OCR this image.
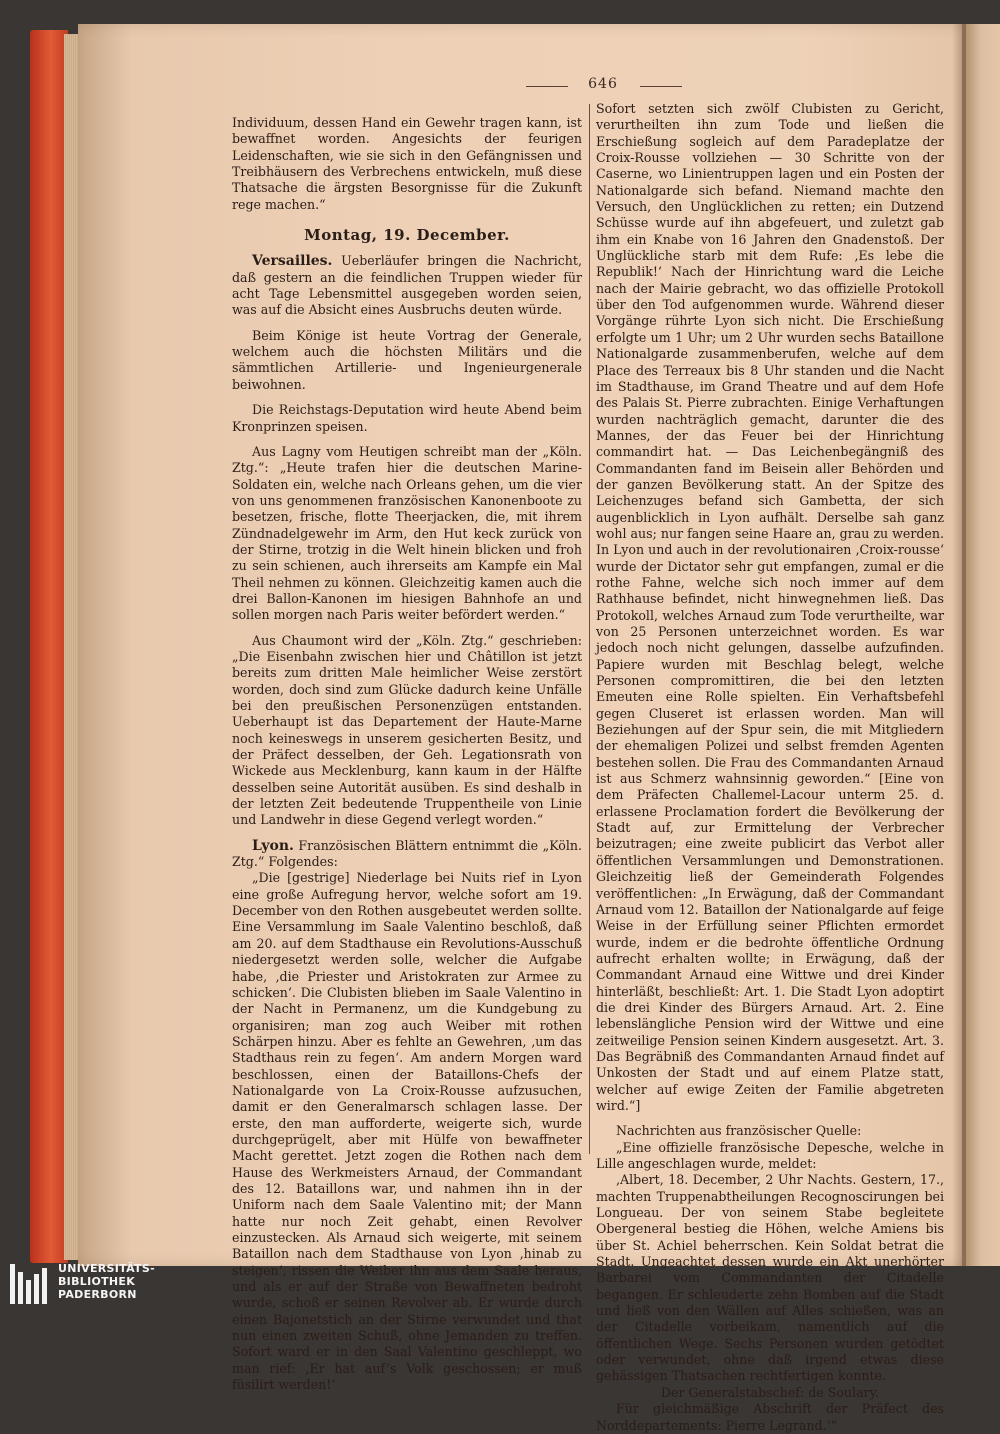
646

Individuum, dessen Hand ein Gewehr tragen kann, ist bewaffnet worden. Angesichts der feurigen Leidenschaften, wie sie sich in den Gefängnissen und Treibhäusern des Verbrechens entwickeln, muß diese Thatsache die ärgsten Besorgnisse für die Zukunft rege machen.“

Montag, 19. December.

Versailles. Ueberläufer bringen die Nachricht, daß gestern an die feindlichen Truppen wieder für acht Tage Lebensmittel ausgegeben worden seien, was auf die Absicht eines Ausbruchs deuten würde.

Beim Könige ist heute Vortrag der Generale, welchem auch die höchsten Militärs und die sämmtlichen Artillerie- und Ingenieurgenerale beiwohnen.

Die Reichstags-Deputation wird heute Abend beim Kronprinzen speisen.

Aus Lagny vom Heutigen schreibt man der „Köln. Ztg.“: „Heute trafen hier die deutschen Marine-Soldaten ein, welche nach Orleans gehen, um die vier von uns genommenen französischen Kanonenboote zu besetzen, frische, flotte Theerjacken, die, mit ihrem Zündnadelgewehr im Arm, den Hut keck zurück von der Stirne, trotzig in die Welt hinein blicken und froh zu sein schienen, auch ihrerseits am Kampfe ein Mal Theil nehmen zu können. Gleichzeitig kamen auch die drei Ballon-Kanonen im hiesigen Bahnhofe an und sollen morgen nach Paris weiter befördert werden.“

Aus Chaumont wird der „Köln. Ztg.“ geschrieben: „Die Eisenbahn zwischen hier und Châtillon ist jetzt bereits zum dritten Male heimlicher Weise zerstört worden, doch sind zum Glücke dadurch keine Unfälle bei den preußischen Personenzügen entstanden. Ueberhaupt ist das Departement der Haute-Marne noch keineswegs in unserem gesicherten Besitz, und der Präfect desselben, der Geh. Legationsrath von Wickede aus Mecklenburg, kann kaum in der Hälfte desselben seine Autorität ausüben. Es sind deshalb in der letzten Zeit bedeutende Truppentheile von Linie und Landwehr in diese Gegend verlegt worden.“

Lyon. Französischen Blättern entnimmt die „Köln. Ztg.“ Folgendes:

„Die [gestrige] Niederlage bei Nuits rief in Lyon eine große Aufregung hervor, welche sofort am 19. December von den Rothen ausgebeutet werden sollte. Eine Versammlung im Saale Valentino beschloß, daß am 20. auf dem Stadthause ein Revolutions-Ausschuß niedergesetzt werden solle, welcher die Aufgabe habe, ‚die Priester und Aristokraten zur Armee zu schicken‘. Die Clubisten blieben im Saale Valentino in der Nacht in Permanenz, um die Kundgebung zu organisiren; man zog auch Weiber mit rothen Schärpen hinzu. Aber es fehlte an Gewehren, ‚um das Stadthaus rein zu fegen‘. Am andern Morgen ward beschlossen, einen der Bataillons-Chefs der Nationalgarde von La Croix-Rousse aufzusuchen, damit er den Generalmarsch schlagen lasse. Der erste, den man aufforderte, weigerte sich, wurde durchgeprügelt, aber mit Hülfe von bewaffneter Macht gerettet. Jetzt zogen die Rothen nach dem Hause des Werkmeisters Arnaud, der Commandant des 12. Bataillons war, und nahmen ihn in der Uniform nach dem Saale Valentino mit; der Mann hatte nur noch Zeit gehabt, einen Revolver einzustecken. Als Arnaud sich weigerte, mit seinem Bataillon nach dem Stadthause von Lyon ‚hinab zu steigen‘, rissen die Weiber ihn aus dem Saale heraus, und als er auf der Straße von Bewaffneten bedroht wurde, schoß er seinen Revolver ab. Er wurde durch einen Bajonetstich an der Stirne verwundet und that nun einen zweiten Schuß, ohne Jemanden zu treffen. Sofort ward er in den Saal Valentino geschleppt, wo man rief: ‚Er hat auf’s Volk geschossen; er muß füsilirt werden!‘

Sofort setzten sich zwölf Clubisten zu Gericht, verurtheilten ihn zum Tode und ließen die Erschießung sogleich auf dem Paradeplatze der Croix-Rousse vollziehen — 30 Schritte von der Caserne, wo Linientruppen lagen und ein Posten der Nationalgarde sich befand. Niemand machte den Versuch, den Unglücklichen zu retten; ein Dutzend Schüsse wurde auf ihn abgefeuert, und zuletzt gab ihm ein Knabe von 16 Jahren den Gnadenstoß. Der Unglückliche starb mit dem Rufe: ‚Es lebe die Republik!‘ Nach der Hinrichtung ward die Leiche nach der Mairie gebracht, wo das offizielle Protokoll über den Tod aufgenommen wurde. Während dieser Vorgänge rührte Lyon sich nicht. Die Erschießung erfolgte um 1 Uhr; um 2 Uhr wurden sechs Bataillone Nationalgarde zusammenberufen, welche auf dem Place des Terreaux bis 8 Uhr standen und die Nacht im Stadthause, im Grand Theatre und auf dem Hofe des Palais St. Pierre zubrachten. Einige Verhaftungen wurden nachträglich gemacht, darunter die des Mannes, der das Feuer bei der Hinrichtung commandirt hat. — Das Leichenbegängniß des Commandanten fand im Beisein aller Behörden und der ganzen Bevölkerung statt. An der Spitze des Leichenzuges befand sich Gambetta, der sich augenblicklich in Lyon aufhält. Derselbe sah ganz wohl aus; nur fangen seine Haare an, grau zu werden. In Lyon und auch in der revolutionairen ‚Croix-rousse‘ wurde der Dictator sehr gut empfangen, zumal er die rothe Fahne, welche sich noch immer auf dem Rathhause befindet, nicht hinwegnehmen ließ. Das Protokoll, welches Arnaud zum Tode verurtheilte, war von 25 Personen unterzeichnet worden. Es war jedoch noch nicht gelungen, dasselbe aufzufinden. Papiere wurden mit Beschlag belegt, welche Personen compromittiren, die bei den letzten Emeuten eine Rolle spielten. Ein Verhaftsbefehl gegen Cluseret ist erlassen worden. Man will Beziehungen auf der Spur sein, die mit Mitgliedern der ehemaligen Polizei und selbst fremden Agenten bestehen sollen. Die Frau des Commandanten Arnaud ist aus Schmerz wahnsinnig geworden.“ [Eine von dem Präfecten Challemel-Lacour unterm 25. d. erlassene Proclamation fordert die Bevölkerung der Stadt auf, zur Ermittelung der Verbrecher beizutragen; eine zweite publicirt das Verbot aller öffentlichen Versammlungen und Demonstrationen. Gleichzeitig ließ der Gemeinderath Folgendes veröffentlichen: „In Erwägung, daß der Commandant Arnaud vom 12. Bataillon der Nationalgarde auf feige Weise in der Erfüllung seiner Pflichten ermordet wurde, indem er die bedrohte öffentliche Ordnung aufrecht erhalten wollte; in Erwägung, daß der Commandant Arnaud eine Wittwe und drei Kinder hinterläßt, beschließt: Art. 1. Die Stadt Lyon adoptirt die drei Kinder des Bürgers Arnaud. Art. 2. Eine lebenslängliche Pension wird der Wittwe und eine zeitweilige Pension seinen Kindern ausgesetzt. Art. 3. Das Begräbniß des Commandanten Arnaud findet auf Unkosten der Stadt und auf einem Platze statt, welcher auf ewige Zeiten der Familie abgetreten wird.“]

Nachrichten aus französischer Quelle:

„Eine offizielle französische Depesche, welche in Lille angeschlagen wurde, meldet:

‚Albert, 18. December, 2 Uhr Nachts. Gestern, 17., machten Truppenabtheilungen Recognoscirungen bei Longueau. Der von seinem Stabe begleitete Obergeneral bestieg die Höhen, welche Amiens bis über St. Achiel beherrschen. Kein Soldat betrat die Stadt. Ungeachtet dessen wurde ein Akt unerhörter Barbarei vom Commandanten der Citadelle begangen. Er schleuderte zehn Bomben auf die Stadt und ließ von den Wällen auf Alles schießen, was an der Citadelle vorbeikam, namentlich auf die öffentlichen Wege. Sechs Personen wurden getödtet oder verwundet, ohne daß irgend etwas diese gehässigen Thatsachen rechtfertigen konnte.

Der Generalstabschef: de Soulary.

Für gleichmäßige Abschrift der Präfect des Norddepartements: Pierre Legrand.‘“

UNIVERSITÄTS-
BIBLIOTHEK
PADERBORN
